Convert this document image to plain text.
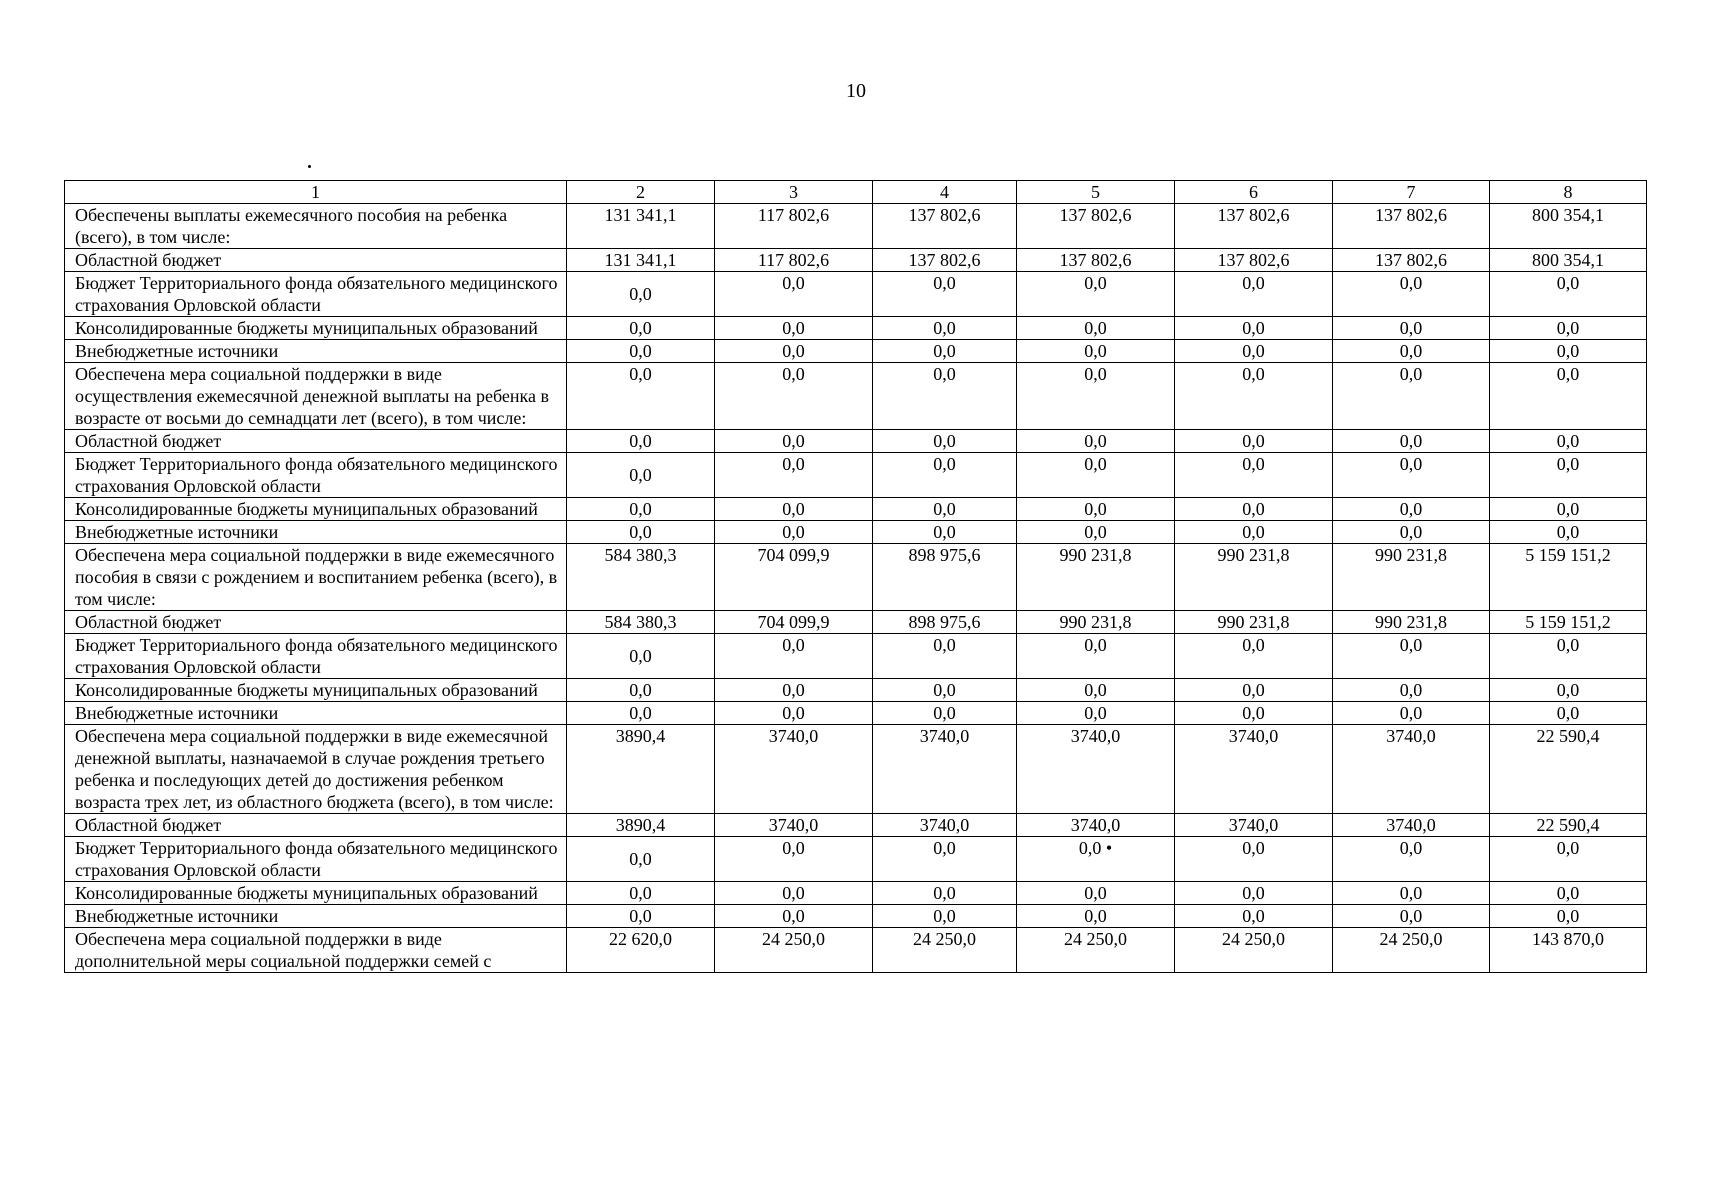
10
1	2	3	4	5	6	7	8
Обеспечены выплаты ежемесячного пособия на ребенка (всего), в том числе:	131 341,1	117 802,6	137 802,6	137 802,6	137 802,6	137 802,6	800 354,1
Областной бюджет	131 341,1	117 802,6	137 802,6	137 802,6	137 802,6	137 802,6	800 354,1
Бюджет Территориального фонда обязательного медицинского страхования Орловской области	0,0	0,0	0,0	0,0	0,0	0,0	0,0
Консолидированные бюджеты муниципальных образований	0,0	0,0	0,0	0,0	0,0	0,0	0,0
Внебюджетные источники	0,0	0,0	0,0	0,0	0,0	0,0	0,0
Обеспечена мера социальной поддержки в виде осуществления ежемесячной денежной выплаты на ребенка в возрасте от восьми до семнадцати лет (всего), в том числе:	0,0	0,0	0,0	0,0	0,0	0,0	0,0
Областной бюджет	0,0	0,0	0,0	0,0	0,0	0,0	0,0
Бюджет Территориального фонда обязательного медицинского страхования Орловской области	0,0	0,0	0,0	0,0	0,0	0,0	0,0
Консолидированные бюджеты муниципальных образований	0,0	0,0	0,0	0,0	0,0	0,0	0,0
Внебюджетные источники	0,0	0,0	0,0	0,0	0,0	0,0	0,0
Обеспечена мера социальной поддержки в виде ежемесячного пособия в связи с рождением и воспитанием ребенка (всего), в том числе:	584 380,3	704 099,9	898 975,6	990 231,8	990 231,8	990 231,8	5 159 151,2
Областной бюджет	584 380,3	704 099,9	898 975,6	990 231,8	990 231,8	990 231,8	5 159 151,2
Бюджет Территориального фонда обязательного медицинского страхования Орловской области	0,0	0,0	0,0	0,0	0,0	0,0	0,0
Консолидированные бюджеты муниципальных образований	0,0	0,0	0,0	0,0	0,0	0,0	0,0
Внебюджетные источники	0,0	0,0	0,0	0,0	0,0	0,0	0,0
Обеспечена мера социальной поддержки в виде ежемесячной денежной выплаты, назначаемой в случае рождения третьего ребенка и последующих детей до достижения ребенком возраста трех лет, из областного бюджета (всего), в том числе:	3890,4	3740,0	3740,0	3740,0	3740,0	3740,0	22 590,4
Областной бюджет	3890,4	3740,0	3740,0	3740,0	3740,0	3740,0	22 590,4
Бюджет Территориального фонда обязательного медицинского страхования Орловской области	0,0	0,0	0,0	0,0 •	0,0	0,0	0,0
Консолидированные бюджеты муниципальных образований	0,0	0,0	0,0	0,0	0,0	0,0	0,0
Внебюджетные источники	0,0	0,0	0,0	0,0	0,0	0,0	0,0
Обеспечена мера социальной поддержки в виде дополнительной меры социальной поддержки семей с	22 620,0	24 250,0	24 250,0	24 250,0	24 250,0	24 250,0	143 870,0
